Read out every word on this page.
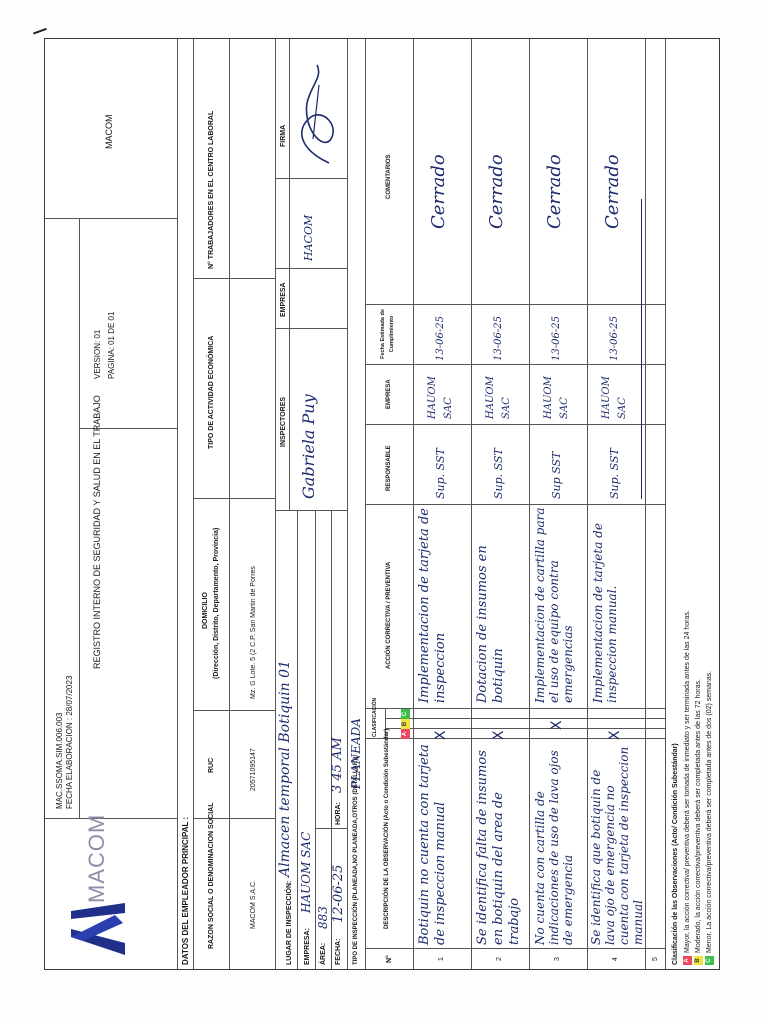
MACOM
MAC.SSOMA.SIM.006.003 FECHA ELABORACION : 28/07/2023
REGISTRO INTERNO DE SEGURIDAD Y SALUD EN EL TRABAJO
VERSION: 01 PAGINA: 01 DE 01
MACOM
DATOS DEL EMPLEADOR PRINCIPAL :	RAZON SOCIAL O DENOMINACION SOCIAL
RUC
DOMICILIO (Dirección, Distrito, Departamento, Provincia)
TIPO DE ACTIVIDAD ECONÓMICA
N° TRABAJADORES EN EL CENTRO LABORAL
MACOM S.A.C.
20571095147
Mz. G Lote. 5 (2 C.P. San Martin de Porres
LUGAR DE INSPECCIÓN:
Almacen temporal Botiquin 01
EMPRESA:
HAUOM SAC
ÁREA:
883
FECHA:
12-06-25
HORA:
3 45 AM
INSPECTORES
EMPRESA
FIRMA
Gabriela Puy
HACOM
TIPO DE INSPECCIÓN (PLANEADA,NO PLANEADA,OTROS (DETALLAR)):
PLANEADA
N°
DESCRIPCIÓN DE LA OBSERVACIÓN (Acto o Condición Subestándar)
CLASIFICACIÓN	A
B
C
ACCIÓN CORRECTIVA / PREVENTIVA
RESPONSABLE
EMPRESA
Fecha Estimada de Cumplimiento
COMENTARIOS
1
Botiquin no cuenta con tarjeta de inspeccion manual
X
Implementacion de tarjeta de inspeccion
Sup. SST
HAUOM SAC
13-06-25
Cerrado
2
Se identifica falta de insumos en botiquin del area de trabajo
X
Dotacion de insumos en botiquin
Sup. SST
HAUOM SAC
13-06-25
Cerrado
3
No cuenta con cartilla de indicaciones de uso de lava ojos de emergencia
X
Implementacion de cartilla para el uso de equipo contra emergencias
Sup SST
HAUOM SAC
13-06-25
Cerrado
4
Se identifica que botiquin de lava ojo de emergencia no cuenta con tarjeta de inspeccion manual
X
Implementacion de tarjeta de inspeccion manual.
Sup. SST
HAUOM SAC
13-06-25
Cerrado
5 Clasificación de las Observaciones (Acto/ Condición Subestándar) A
Mayor, la acción correctiva/ preventiva deberá ser tomada de inmediato y ser terminada antes de las 24 horas.
B
Moderado, la acción correctiva/preventiva deberá ser completada antes de las 72 horas.
C
Menor. La acción correctiva/preventiva deberá ser completada antes de dos (02) semanas.
